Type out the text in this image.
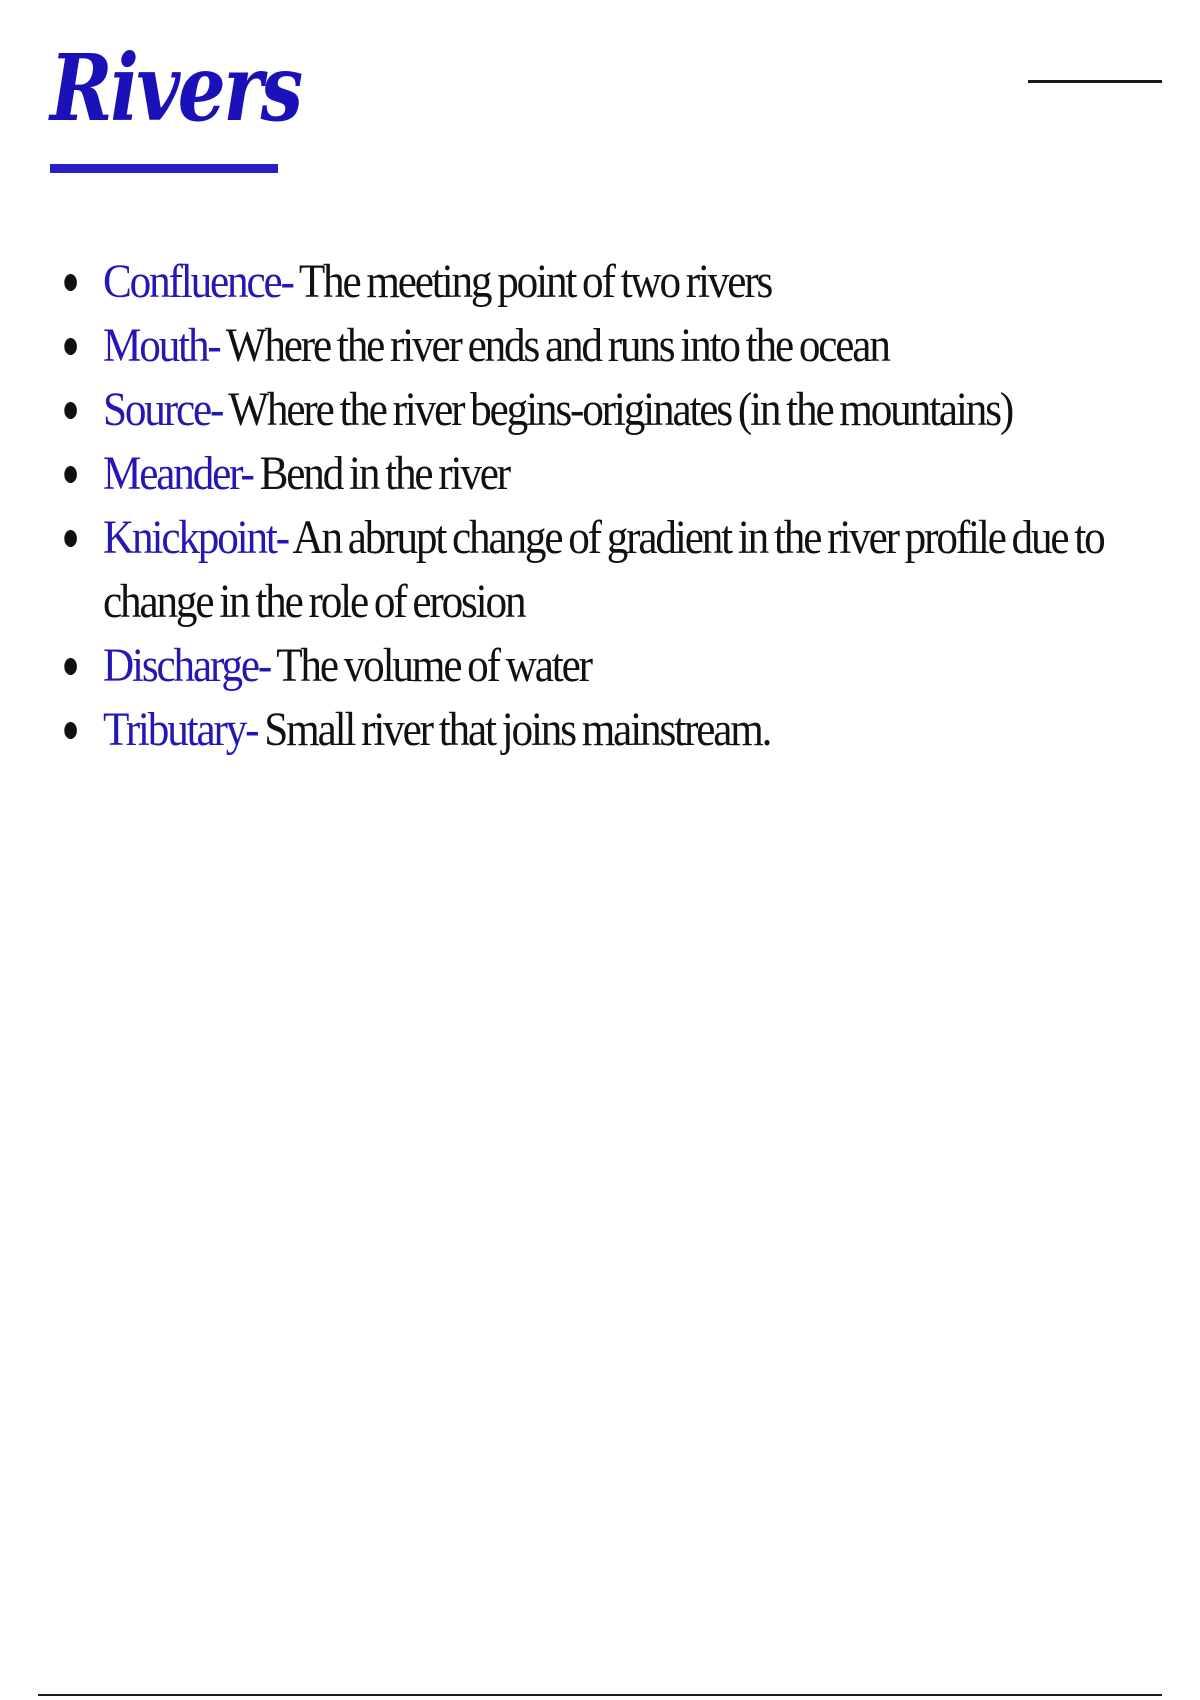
Rivers
Confluence- The meeting point of two rivers
Mouth- Where the river ends and runs into the ocean
Source- Where the river begins-originates (in the mountains)
Meander- Bend in the river
Knickpoint- An abrupt change of gradient in the river profile due to change in the role of erosion
Discharge- The volume of water
Tributary- Small river that joins mainstream.
